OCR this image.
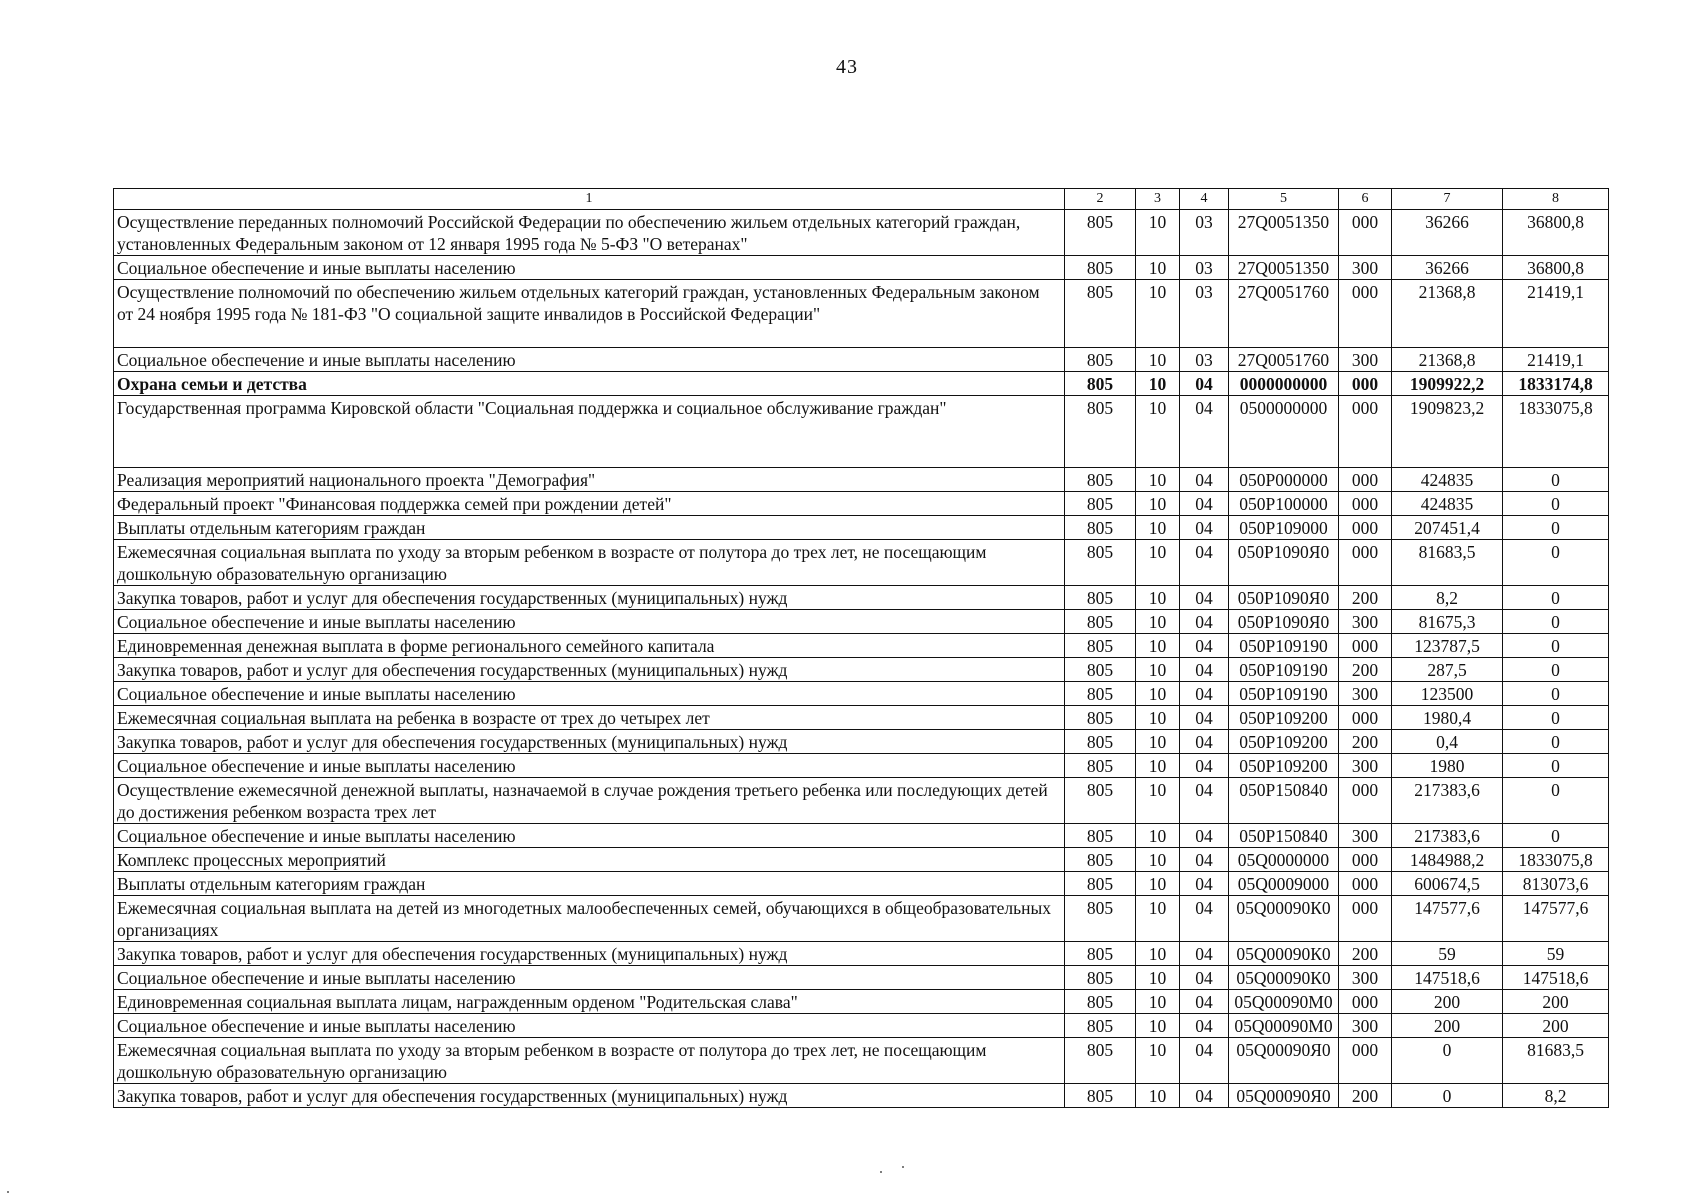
43
1	2	3	4	5	6	7	8
Осуществление переданных полномочий Российской Федерации по обеспечению жильем отдельных категорий граждан, установленных Федеральным законом от 12 января 1995 года № 5-ФЗ "О ветеранах"	805	10	03	27Q0051350	000	36266	36800,8
Социальное обеспечение и иные выплаты населению	805	10	03	27Q0051350	300	36266	36800,8
Осуществление полномочий по обеспечению жильем отдельных категорий граждан, установленных Федеральным законом от 24 ноября 1995 года № 181-ФЗ "О социальной защите инвалидов в Российской Федерации"	805	10	03	27Q0051760	000	21368,8	21419,1
Социальное обеспечение и иные выплаты населению	805	10	03	27Q0051760	300	21368,8	21419,1
Охрана семьи и детства	805	10	04	0000000000	000	1909922,2	1833174,8
Государственная программа Кировской области "Социальная поддержка и социальное обслуживание граждан"	805	10	04	0500000000	000	1909823,2	1833075,8
Реализация мероприятий национального проекта "Демография"	805	10	04	050P000000	000	424835	0
Федеральный проект "Финансовая поддержка семей при рождении детей"	805	10	04	050P100000	000	424835	0
Выплаты отдельным категориям граждан	805	10	04	050P109000	000	207451,4	0
Ежемесячная социальная выплата по уходу за вторым ребенком в возрасте от полутора до трех лет, не посещающим дошкольную образовательную организацию	805	10	04	050P1090Я0	000	81683,5	0
Закупка товаров, работ и услуг для обеспечения государственных (муниципальных) нужд	805	10	04	050P1090Я0	200	8,2	0
Социальное обеспечение и иные выплаты населению	805	10	04	050P1090Я0	300	81675,3	0
Единовременная денежная выплата в форме регионального семейного капитала	805	10	04	050P109190	000	123787,5	0
Закупка товаров, работ и услуг для обеспечения государственных (муниципальных) нужд	805	10	04	050P109190	200	287,5	0
Социальное обеспечение и иные выплаты населению	805	10	04	050P109190	300	123500	0
Ежемесячная социальная выплата на ребенка в возрасте от трех до четырех лет	805	10	04	050P109200	000	1980,4	0
Закупка товаров, работ и услуг для обеспечения государственных (муниципальных) нужд	805	10	04	050P109200	200	0,4	0
Социальное обеспечение и иные выплаты населению	805	10	04	050P109200	300	1980	0
Осуществление ежемесячной денежной выплаты, назначаемой в случае рождения третьего ребенка или последующих детей до достижения ребенком возраста трех лет	805	10	04	050P150840	000	217383,6	0
Социальное обеспечение и иные выплаты населению	805	10	04	050P150840	300	217383,6	0
Комплекс процессных мероприятий	805	10	04	05Q0000000	000	1484988,2	1833075,8
Выплаты отдельным категориям граждан	805	10	04	05Q0009000	000	600674,5	813073,6
Ежемесячная социальная выплата на детей из многодетных малообеспеченных семей, обучающихся в общеобразовательных организациях	805	10	04	05Q00090К0	000	147577,6	147577,6
Закупка товаров, работ и услуг для обеспечения государственных (муниципальных) нужд	805	10	04	05Q00090К0	200	59	59
Социальное обеспечение и иные выплаты населению	805	10	04	05Q00090К0	300	147518,6	147518,6
Единовременная социальная выплата лицам, награжденным орденом "Родительская слава"	805	10	04	05Q00090М0	000	200	200
Социальное обеспечение и иные выплаты населению	805	10	04	05Q00090М0	300	200	200
Ежемесячная социальная выплата по уходу за вторым ребенком в возрасте от полутора до трех лет, не посещающим дошкольную образовательную организацию	805	10	04	05Q00090Я0	000	0	81683,5
Закупка товаров, работ и услуг для обеспечения государственных (муниципальных) нужд	805	10	04	05Q00090Я0	200	0	8,2
